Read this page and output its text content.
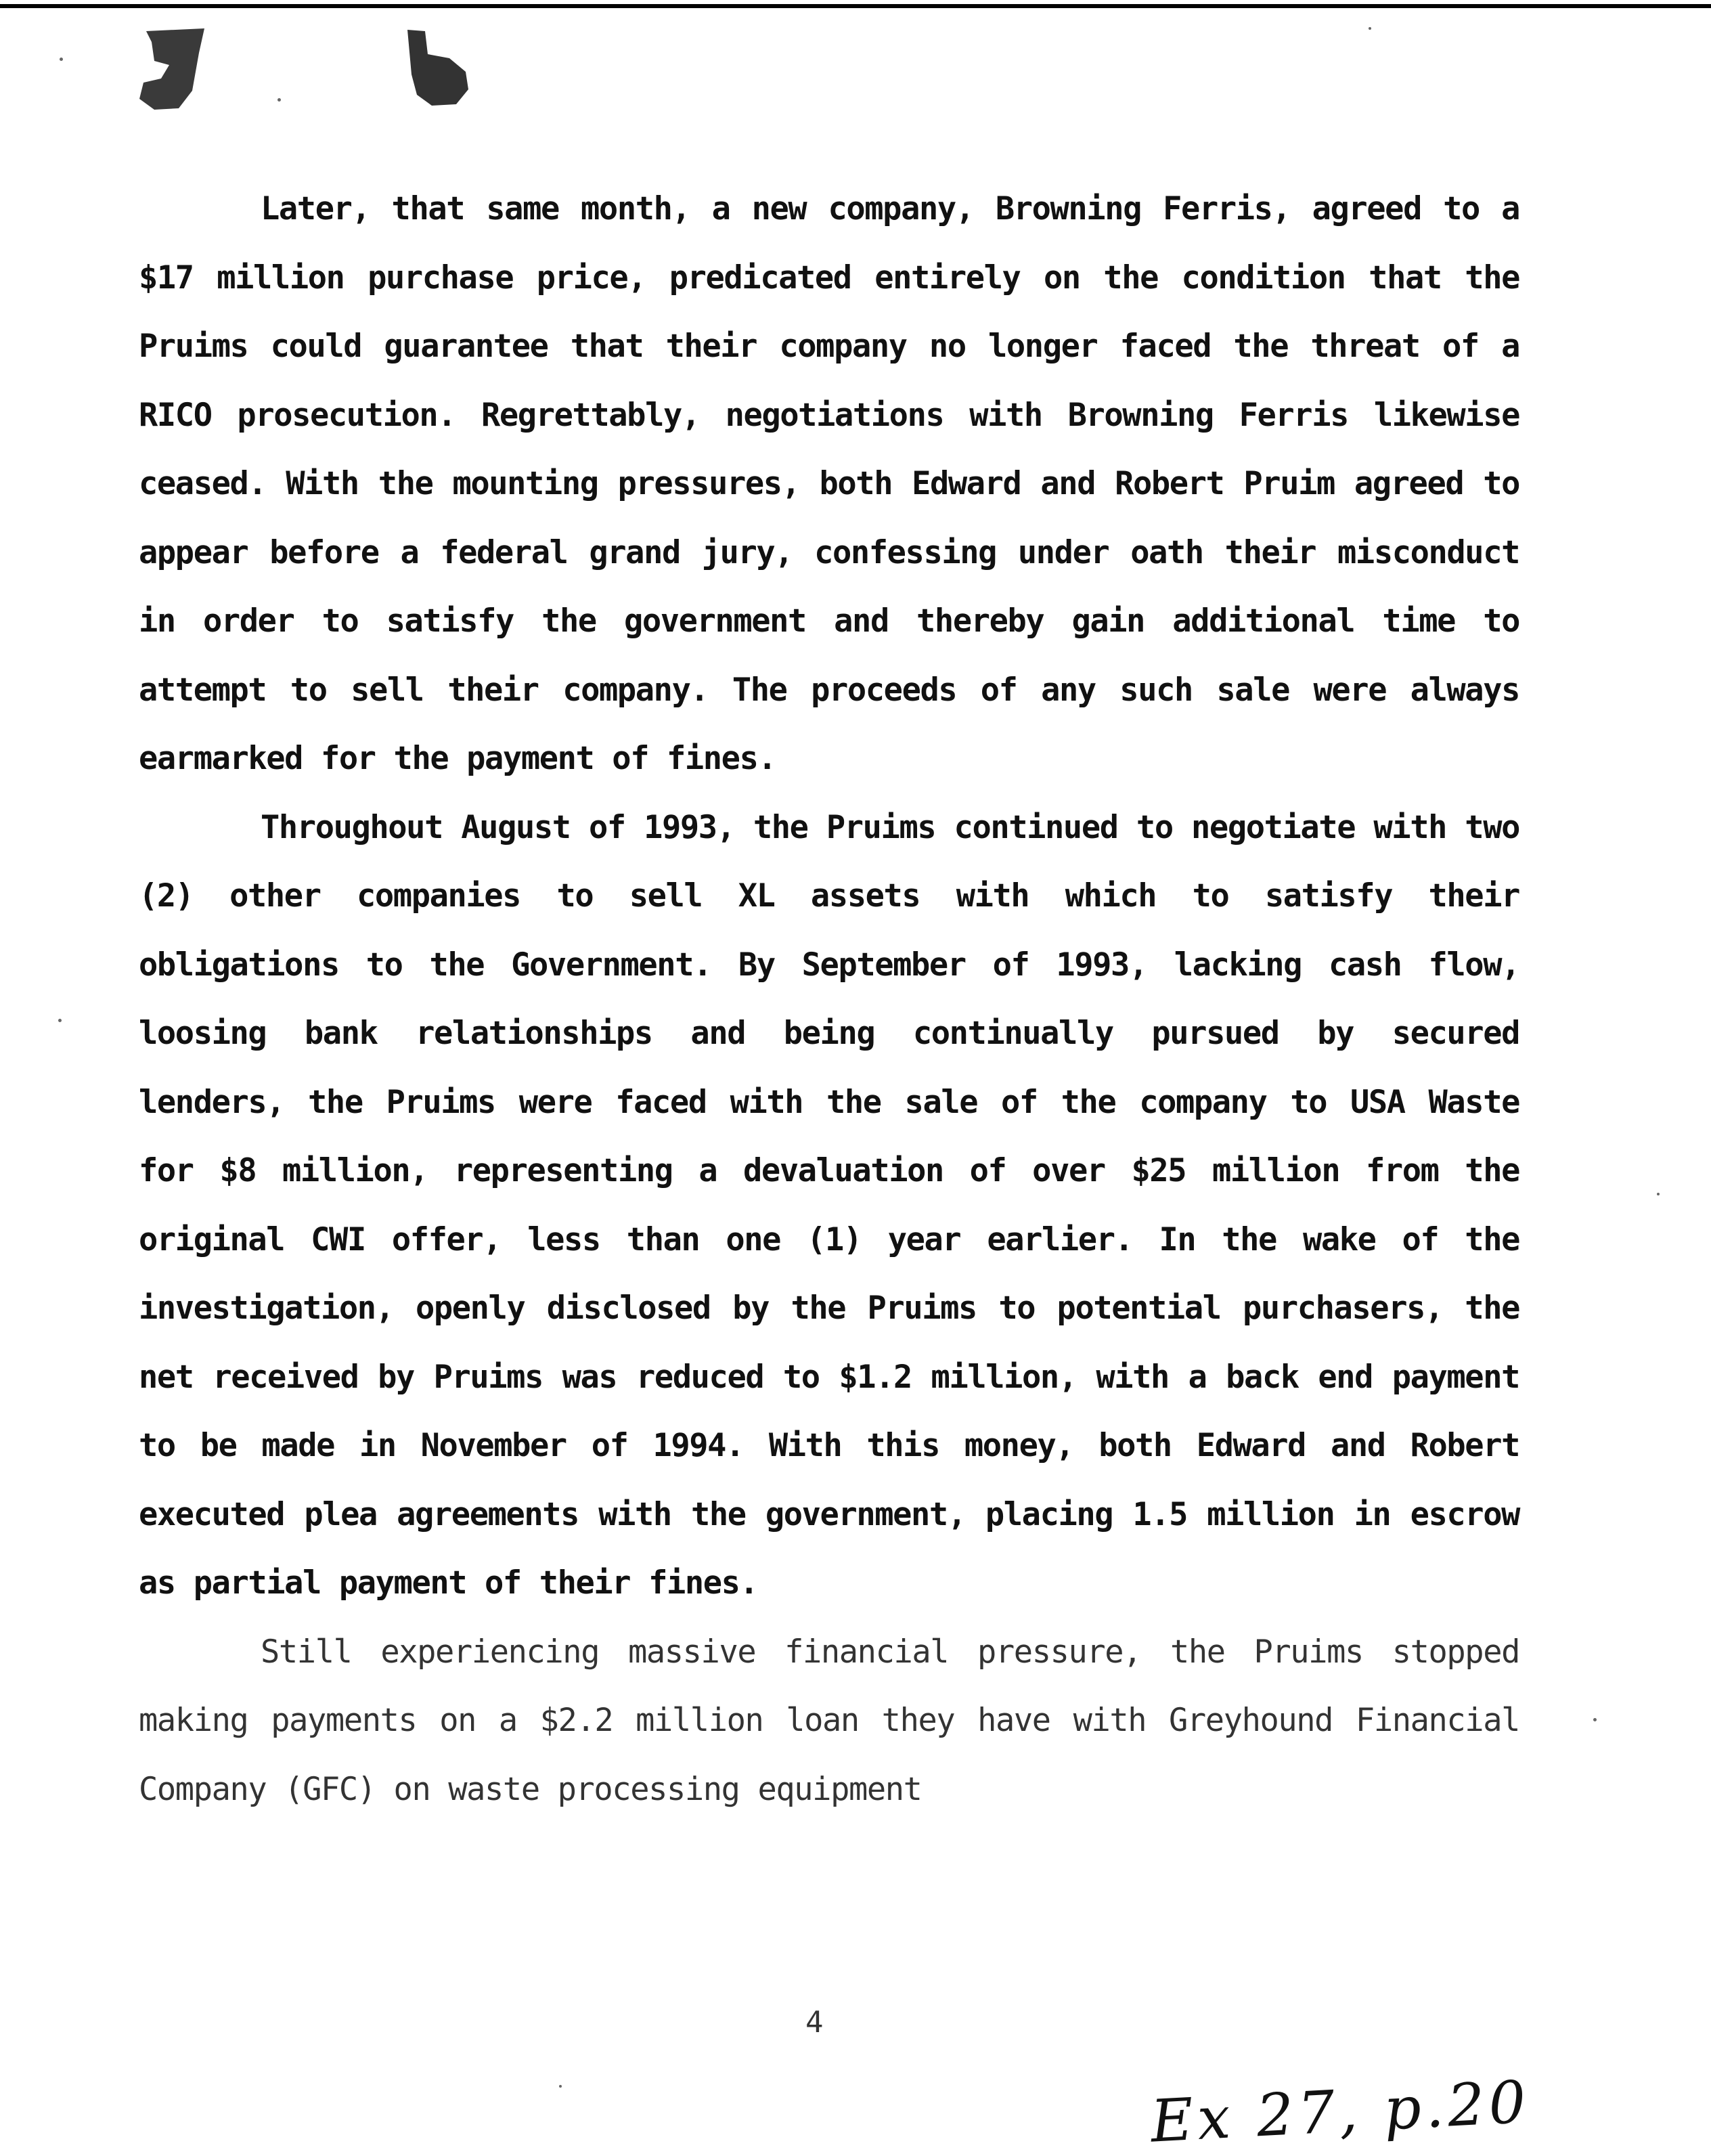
Later, that same month, a new company, Browning Ferris, agreed to a $17 million purchase price, predicated entirely on the condition that the Pruims could guarantee that their company no longer faced the threat of a RICO prosecution. Regrettably, negotiations with Browning Ferris likewise ceased. With the mounting pressures, both Edward and Robert Pruim agreed to appear before a federal grand jury, confessing under oath their misconduct in order to satisfy the government and thereby gain additional time to attempt to sell their company. The proceeds of any such sale were always earmarked for the payment of fines.

Throughout August of 1993, the Pruims continued to negotiate with two (2) other companies to sell XL assets with which to satisfy their obligations to the Government. By September of 1993, lacking cash flow, loosing bank relationships and being continually pursued by secured lenders, the Pruims were faced with the sale of the company to USA Waste for $8 million, representing a devaluation of over $25 million from the original CWI offer, less than one (1) year earlier. In the wake of the investigation, openly disclosed by the Pruims to potential purchasers, the net received by Pruims was reduced to $1.2 million, with a back end payment to be made in November of 1994. With this money, both Edward and Robert executed plea agreements with the government, placing 1.5 million in escrow as partial payment of their fines.

Still experiencing massive financial pressure, the Pruims stopped making payments on a $2.2 million loan they have with Greyhound Financial Company (GFC) on waste processing equipment

4
Ex 27, p.20
